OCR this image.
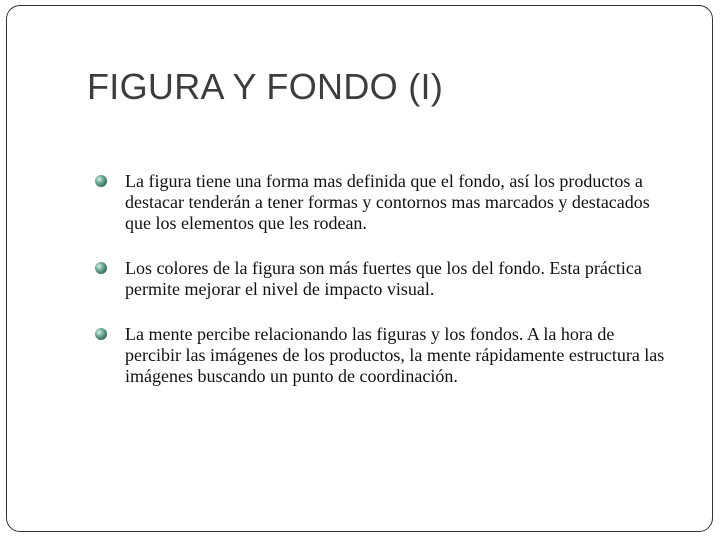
FIGURA Y FONDO (I)
La figura tiene una forma mas definida que el fondo, así los productos a destacar tenderán a tener formas y contornos mas marcados y destacados que los elementos que les rodean.
Los colores de la figura son más fuertes que los del fondo. Esta práctica permite mejorar el nivel de impacto visual.
La mente percibe relacionando las figuras y los fondos. A la hora de percibir las imágenes de los productos, la mente rápidamente estructura las imágenes buscando un punto de coordinación.
